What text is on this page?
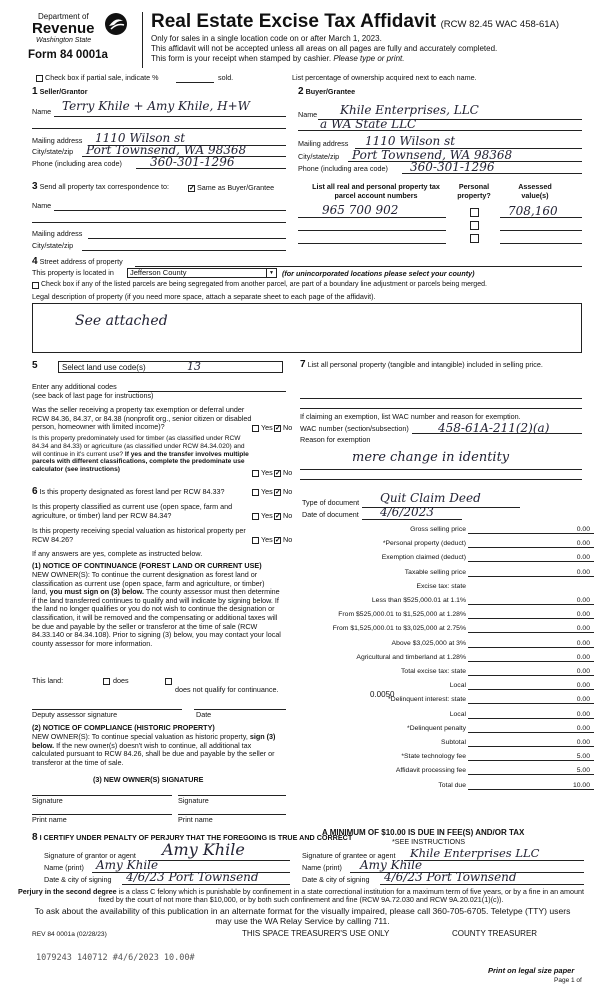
Department of
Revenue
Washington State
Form 84 0001a
Real Estate Excise Tax Affidavit (RCW 82.45 WAC 458-61A)
Only for sales in a single location code on or after March 1, 2023.
This affidavit will not be accepted unless all areas on all pages are fully and accurately completed.
This form is your receipt when stamped by cashier. Please type or print.
Check box if partial sale, indicate %	sold.	List percentage of ownership acquired next to each name.
1 Seller/Grantor
Name Terry Khile + Amy Khile, H+W
Mailing address 1110 Wilson st
City/state/zip Port Townsend, WA 98368
Phone (including area code) 360-301-1296
2 Buyer/Grantee
Name Khile Enterprises, LLC
a WA State LLC
Mailing address 1110 Wilson st
City/state/zip Port Townsend, WA 98368
Phone (including area code) 360-301-1296
3 Send all property tax correspondence to:	✓ Same as Buyer/Grantee
Name
Mailing address
City/state/zip
List all real and personal property tax parcel account numbers
Personal property?
Assessed value(s)
965 700 902	708,160
4 Street address of property
This property is located in Jefferson County	▼ (for unincorporated locations please select your county)
Check box if any of the listed parcels are being segregated from another parcel, are part of a boundary line adjustment or parcels being merged.
Legal description of property (if you need more space, attach a separate sheet to each page of the affidavit).
See attached
5	Select land use code(s)	13
Enter any additional codes
(see back of last page for instructions)
Was the seller receiving a property tax exemption or deferral under RCW 84.36, 84.37, or 84.38 (nonprofit org., senior citizen or disabled person, homeowner with limited income)?	Yes ✓ No
Is this property predominately used for timber (as classified under RCW 84.34 and 84.33) or agriculture (as classified under RCW 84.34.020) and will continue in it's current use? If yes and the transfer involves multiple parcels with different classifications, complete the predominate use calculator (see instructions)	Yes ✓ No
6 Is this property designated as forest land per RCW 84.33?	Yes ✓ No
Is this property classified as current use (open space, farm and agriculture, or timber) land per RCW 84.34?	Yes ✓ No
Is this property receiving special valuation as historical property per RCW 84.26?	Yes ✓ No
If any answers are yes, complete as instructed below.
(1) NOTICE OF CONTINUANCE (FOREST LAND OR CURRENT USE)
NEW OWNER(S): To continue the current designation as forest land or classification as current use (open space, farm and agriculture, or timber) land, you must sign on (3) below. The county assessor must then determine if the land transferred continues to qualify and will indicate by signing below. If the land no longer qualifies or you do not wish to continue the designation or classification, it will be removed and the compensating or additional taxes will be due and payable by the seller or transferor at the time of sale (RCW 84.33.140 or 84.34.108). Prior to signing (3) below, you may contact your local county assessor for more information.
This land:	does
does not qualify for continuance.
Deputy assessor signature	Date
(2) NOTICE OF COMPLIANCE (HISTORIC PROPERTY)
NEW OWNER(S): To continue special valuation as historic property, sign (3) below. If the new owner(s) doesn't wish to continue, all additional tax calculated pursuant to RCW 84.26, shall be due and payable by the seller or transferor at the time of sale.
(3) NEW OWNER(S) SIGNATURE
Signature	Signature
Print name	Print name
7 List all personal property (tangible and intangible) included in selling price.
If claiming an exemption, list WAC number and reason for exemption.
WAC number (section/subsection) 458-61A-211(2)(a)
Reason for exemption
mere change in identity
Type of document Quit Claim Deed
Date of document 4/6/2023
Gross selling price	0.00
*Personal property (deduct)	0.00
Exemption claimed (deduct)	0.00
Taxable selling price	0.00
Excise tax: state
Less than $525,000.01 at 1.1%	0.00
From $525,000.01 to $1,525,000 at 1.28%	0.00
From $1,525,000.01 to $3,025,000 at 2.75%	0.00
Above $3,025,000 at 3%	0.00
Agricultural and timberland at 1.28%	0.00
Total excise tax: state	0.00
Local	0.00
*Delinquent interest: state	0.00
Local	0.00
*Delinquent penalty	0.00
Subtotal	0.00
*State technology fee	5.00
Affidavit processing fee	5.00
Total due	10.00
0.0050
A MINIMUM OF $10.00 IS DUE IN FEE(S) AND/OR TAX
*SEE INSTRUCTIONS
8 I CERTIFY UNDER PENALTY OF PERJURY THAT THE FOREGOING IS TRUE AND CORRECT
Signature of grantor or agent Amy Khile
Name (print) Amy Khile
Date & city of signing 4/6/23 Port Townsend
Signature of grantee or agent Khile Enterprises LLC
Name (print) Amy Khile
Date & city of signing 4/6/23 Port Townsend
Perjury in the second degree is a class C felony which is punishable by confinement in a state correctional institution for a maximum term of five years, or by a fine in an amount fixed by the court of not more than $10,000, or by both such confinement and fine (RCW 9A.72.030 and RCW 9A.20.021(1)(c)).
To ask about the availability of this publication in an alternate format for the visually impaired, please call 360-705-6705. Teletype (TTY) users may use the WA Relay Service by calling 711.
REV 84 0001a (02/28/23)	THIS SPACE TREASURER'S USE ONLY	COUNTY TREASURER
1079243 140712 #4/6/2023 10.00#
Print on legal size paper
Page 1 of
